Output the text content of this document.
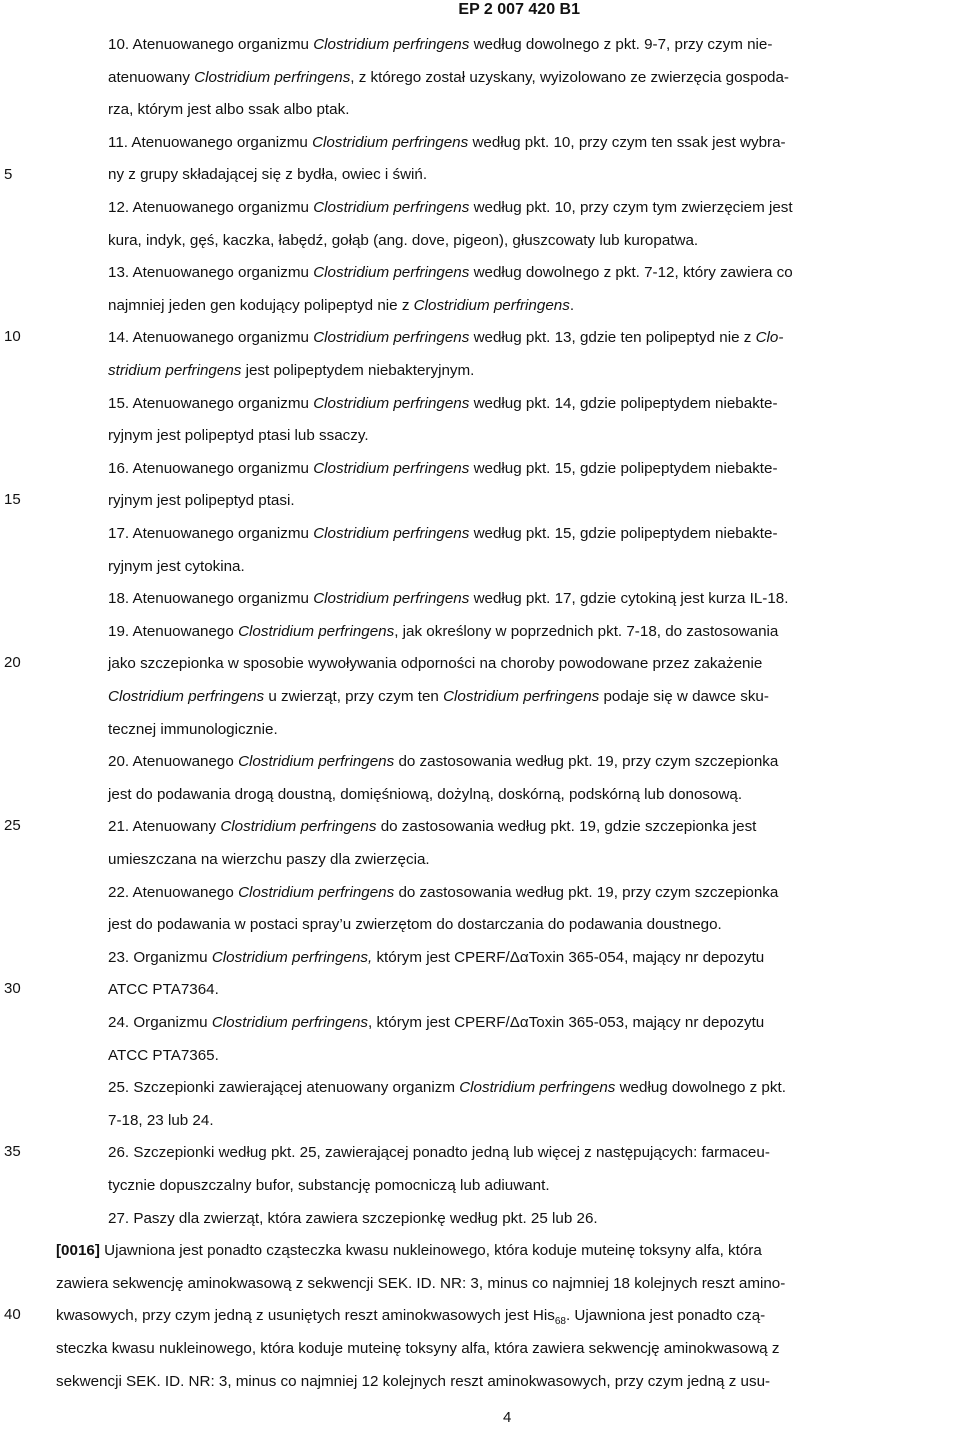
EP 2 007 420 B1
10. Atenuowanego organizmu Clostridium perfringens według dowolnego z pkt. 9-7, przy czym nie-
atenuowany Clostridium perfringens, z którego został uzyskany, wyizolowano ze zwierzęcia gospoda-
rza, którym jest albo ssak albo ptak.
11. Atenuowanego organizmu Clostridium perfringens według pkt. 10, przy czym ten ssak jest wybra-
ny z grupy składającej się z bydła, owiec i świń.
12. Atenuowanego organizmu Clostridium perfringens według pkt. 10, przy czym tym zwierzęciem jest
kura, indyk, gęś, kaczka, łabędź, gołąb (ang. dove, pigeon), głuszcowaty lub kuropatwa.
13. Atenuowanego organizmu Clostridium perfringens według dowolnego z pkt. 7-12, który zawiera co
najmniej jeden gen kodujący polipeptyd nie z Clostridium perfringens.
14. Atenuowanego organizmu Clostridium perfringens według pkt. 13, gdzie ten polipeptyd nie z Clo-
stridium perfringens jest polipeptydem niebakteryjnym.
15. Atenuowanego organizmu Clostridium perfringens według pkt. 14, gdzie polipeptydem niebakte-
ryjnym jest polipeptyd ptasi lub ssaczy.
16. Atenuowanego organizmu Clostridium perfringens według pkt. 15, gdzie polipeptydem niebakte-
ryjnym jest polipeptyd ptasi.
17. Atenuowanego organizmu Clostridium perfringens według pkt. 15, gdzie polipeptydem niebakte-
ryjnym jest cytokina.
18. Atenuowanego organizmu Clostridium perfringens według pkt. 17, gdzie cytokiną jest kurza IL-18.
19. Atenuowanego Clostridium perfringens, jak określony w poprzednich pkt. 7-18, do zastosowania
jako szczepionka w sposobie wywoływania odporności na choroby powodowane przez zakażenie
Clostridium perfringens u zwierząt, przy czym ten Clostridium perfringens podaje się w dawce sku-
tecznej immunologicznie.
20. Atenuowanego Clostridium perfringens do zastosowania według pkt. 19, przy czym szczepionka
jest do podawania drogą doustną, domięśniową, dożylną, doskórną, podskórną lub donosową.
21. Atenuowany Clostridium perfringens do zastosowania według pkt. 19, gdzie szczepionka jest
umieszczana na wierzchu paszy dla zwierzęcia.
22. Atenuowanego Clostridium perfringens do zastosowania według pkt. 19, przy czym szczepionka
jest do podawania w postaci spray’u zwierzętom do dostarczania do podawania doustnego.
23. Organizmu Clostridium perfringens, którym jest CPERF/ΔαToxin 365-054, mający nr depozytu
ATCC PTA7364.
24. Organizmu Clostridium perfringens, którym jest CPERF/ΔαToxin 365-053, mający nr depozytu
ATCC PTA7365.
25. Szczepionki zawierającej atenuowany organizm Clostridium perfringens według dowolnego z pkt.
7-18, 23 lub 24.
26. Szczepionki według pkt. 25, zawierającej ponadto jedną lub więcej z następujących: farmaceu-
tycznie dopuszczalny bufor, substancję pomocniczą lub adiuwant.
27. Paszy dla zwierząt, która zawiera szczepionkę według pkt. 25 lub 26.
[0016] Ujawniona jest ponadto cząsteczka kwasu nukleinowego, która koduje muteinę toksyny alfa, która
zawiera sekwencję aminokwasową z sekwencji SEK. ID. NR: 3, minus co najmniej 18 kolejnych reszt amino-
kwasowych, przy czym jedną z usuniętych reszt aminokwasowych jest His$_{68}$. Ujawniona jest ponadto czą-
steczka kwasu nukleinowego, która koduje muteinę toksyny alfa, która zawiera sekwencję aminokwasową z
sekwencji SEK. ID. NR: 3, minus co najmniej 12 kolejnych reszt aminokwasowych, przy czym jedną z usu-
5
10
15
20
25
30
35
40
4
